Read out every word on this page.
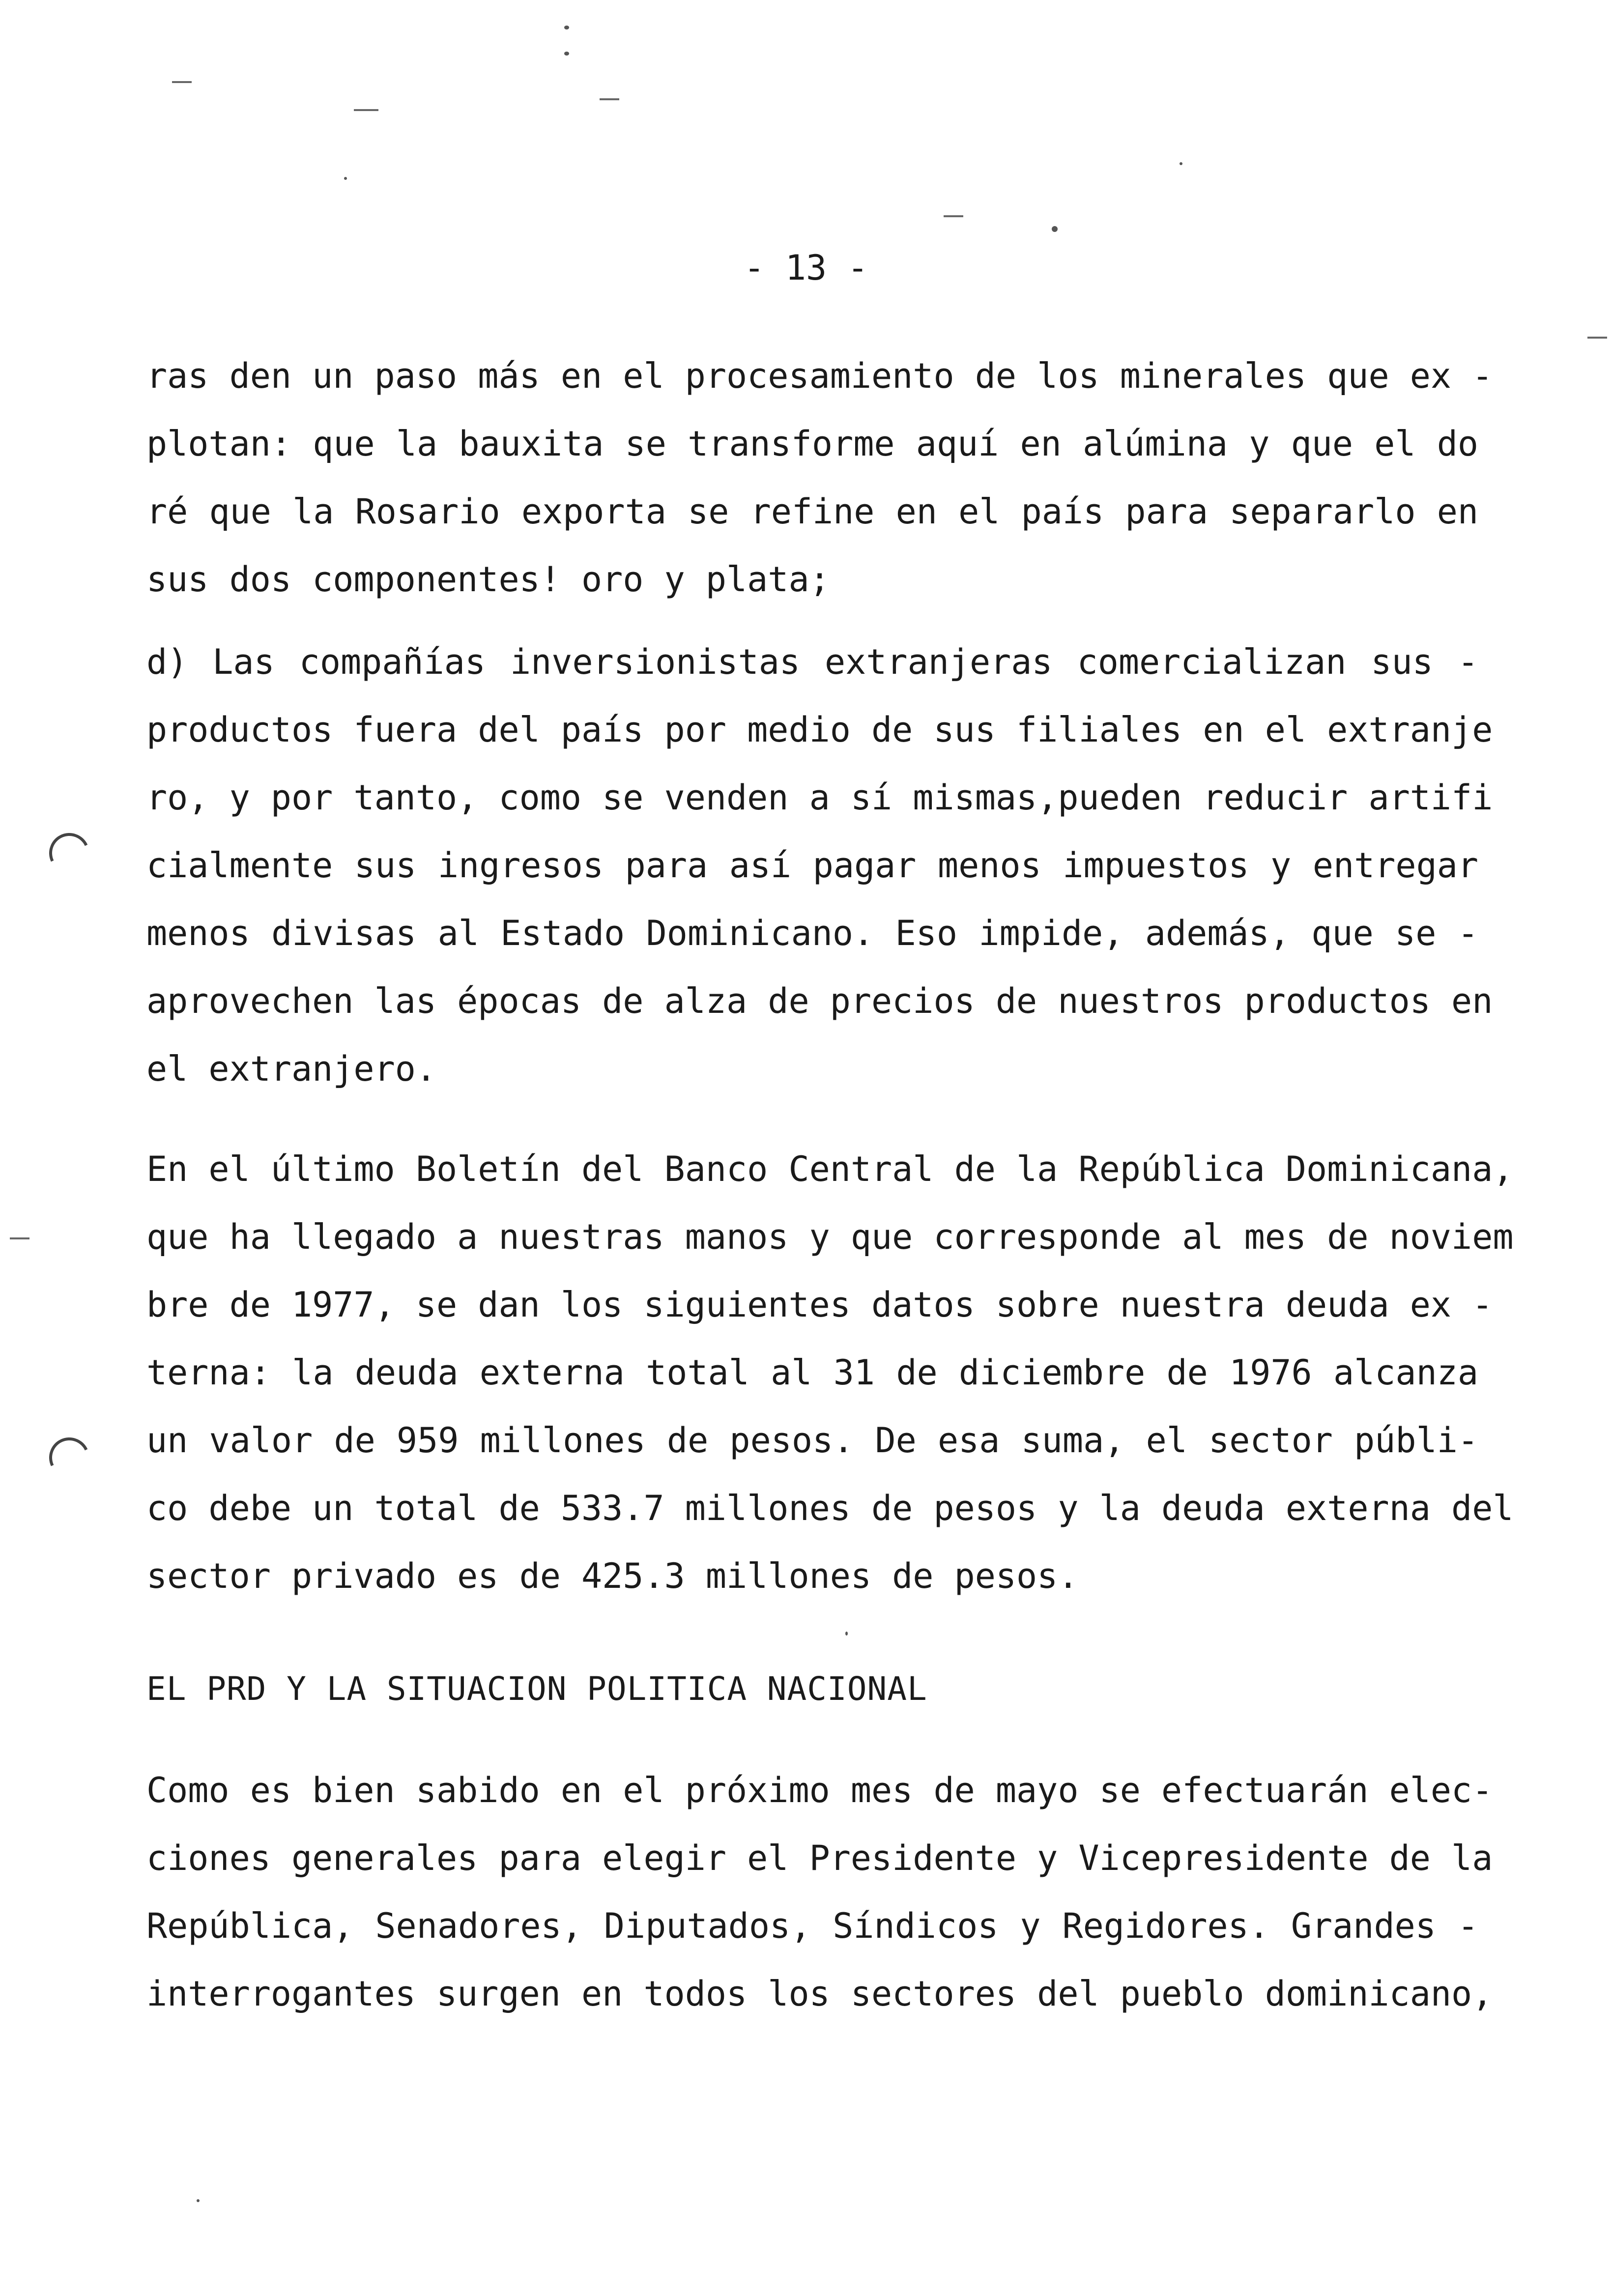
- 13 -
ras den un paso más en el procesamiento de los minerales que ex -
plotan: que la bauxita se transforme aquí en alúmina y que el do
ré que la Rosario exporta se refine en el país para separarlo en
sus dos componentes! oro y plata;
d) Las compañías inversionistas extranjeras comercializan sus -
productos fuera del país por medio de sus filiales en el extranje
ro, y por tanto, como se venden a sí mismas,pueden reducir artifi
cialmente sus ingresos para así pagar menos impuestos y entregar
menos divisas al Estado Dominicano. Eso impide, además, que se -
aprovechen las épocas de alza de precios de nuestros productos en
el extranjero.
En el último Boletín del Banco Central de la República Dominicana,
que ha llegado a nuestras manos y que corresponde al mes de noviem
bre de 1977, se dan los siguientes datos sobre nuestra deuda ex -
terna: la deuda externa total al 31 de diciembre de 1976 alcanza
un valor de 959 millones de pesos. De esa suma, el sector públi-
co debe un total de 533.7 millones de pesos y la deuda externa del
sector privado es de 425.3 millones de pesos.
EL PRD Y LA SITUACION POLITICA NACIONAL
Como es bien sabido en el próximo mes de mayo se efectuarán elec-
ciones generales para elegir el Presidente y Vicepresidente de la
República, Senadores, Diputados, Síndicos y Regidores. Grandes -
interrogantes surgen en todos los sectores del pueblo dominicano,
